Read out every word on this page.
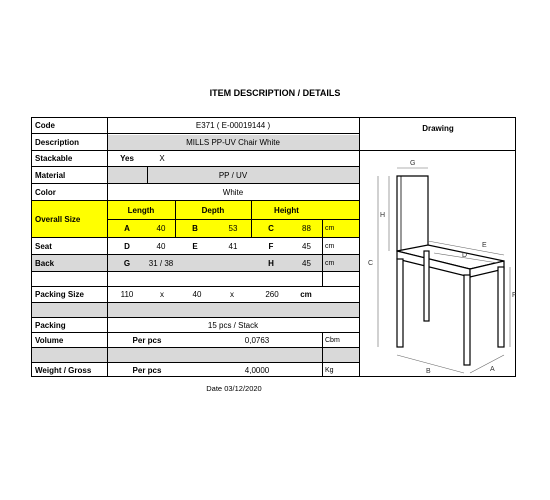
ITEM DESCRIPTION / DETAILS
Code	E371 ( E-00019144 )
Description	MILLS PP-UV Chair White
Stackable	Yes	X
Material	PP / UV
Color	White
Overall Size
Length	Depth	Height
A	40	B	53	C	88	cm
Seat	D	40	E	41	F	45	cm
Back	G	31 / 38	H	45	cm
Packing Size	110	x	40	x	260	cm
Packing	15 pcs / Stack
Volume	Per pcs	0,0763	Cbm
Weight / Gross	Per pcs	4,0000	Kg
Drawing
G
H
C
E
D
F
B	A
Date 03/12/2020
